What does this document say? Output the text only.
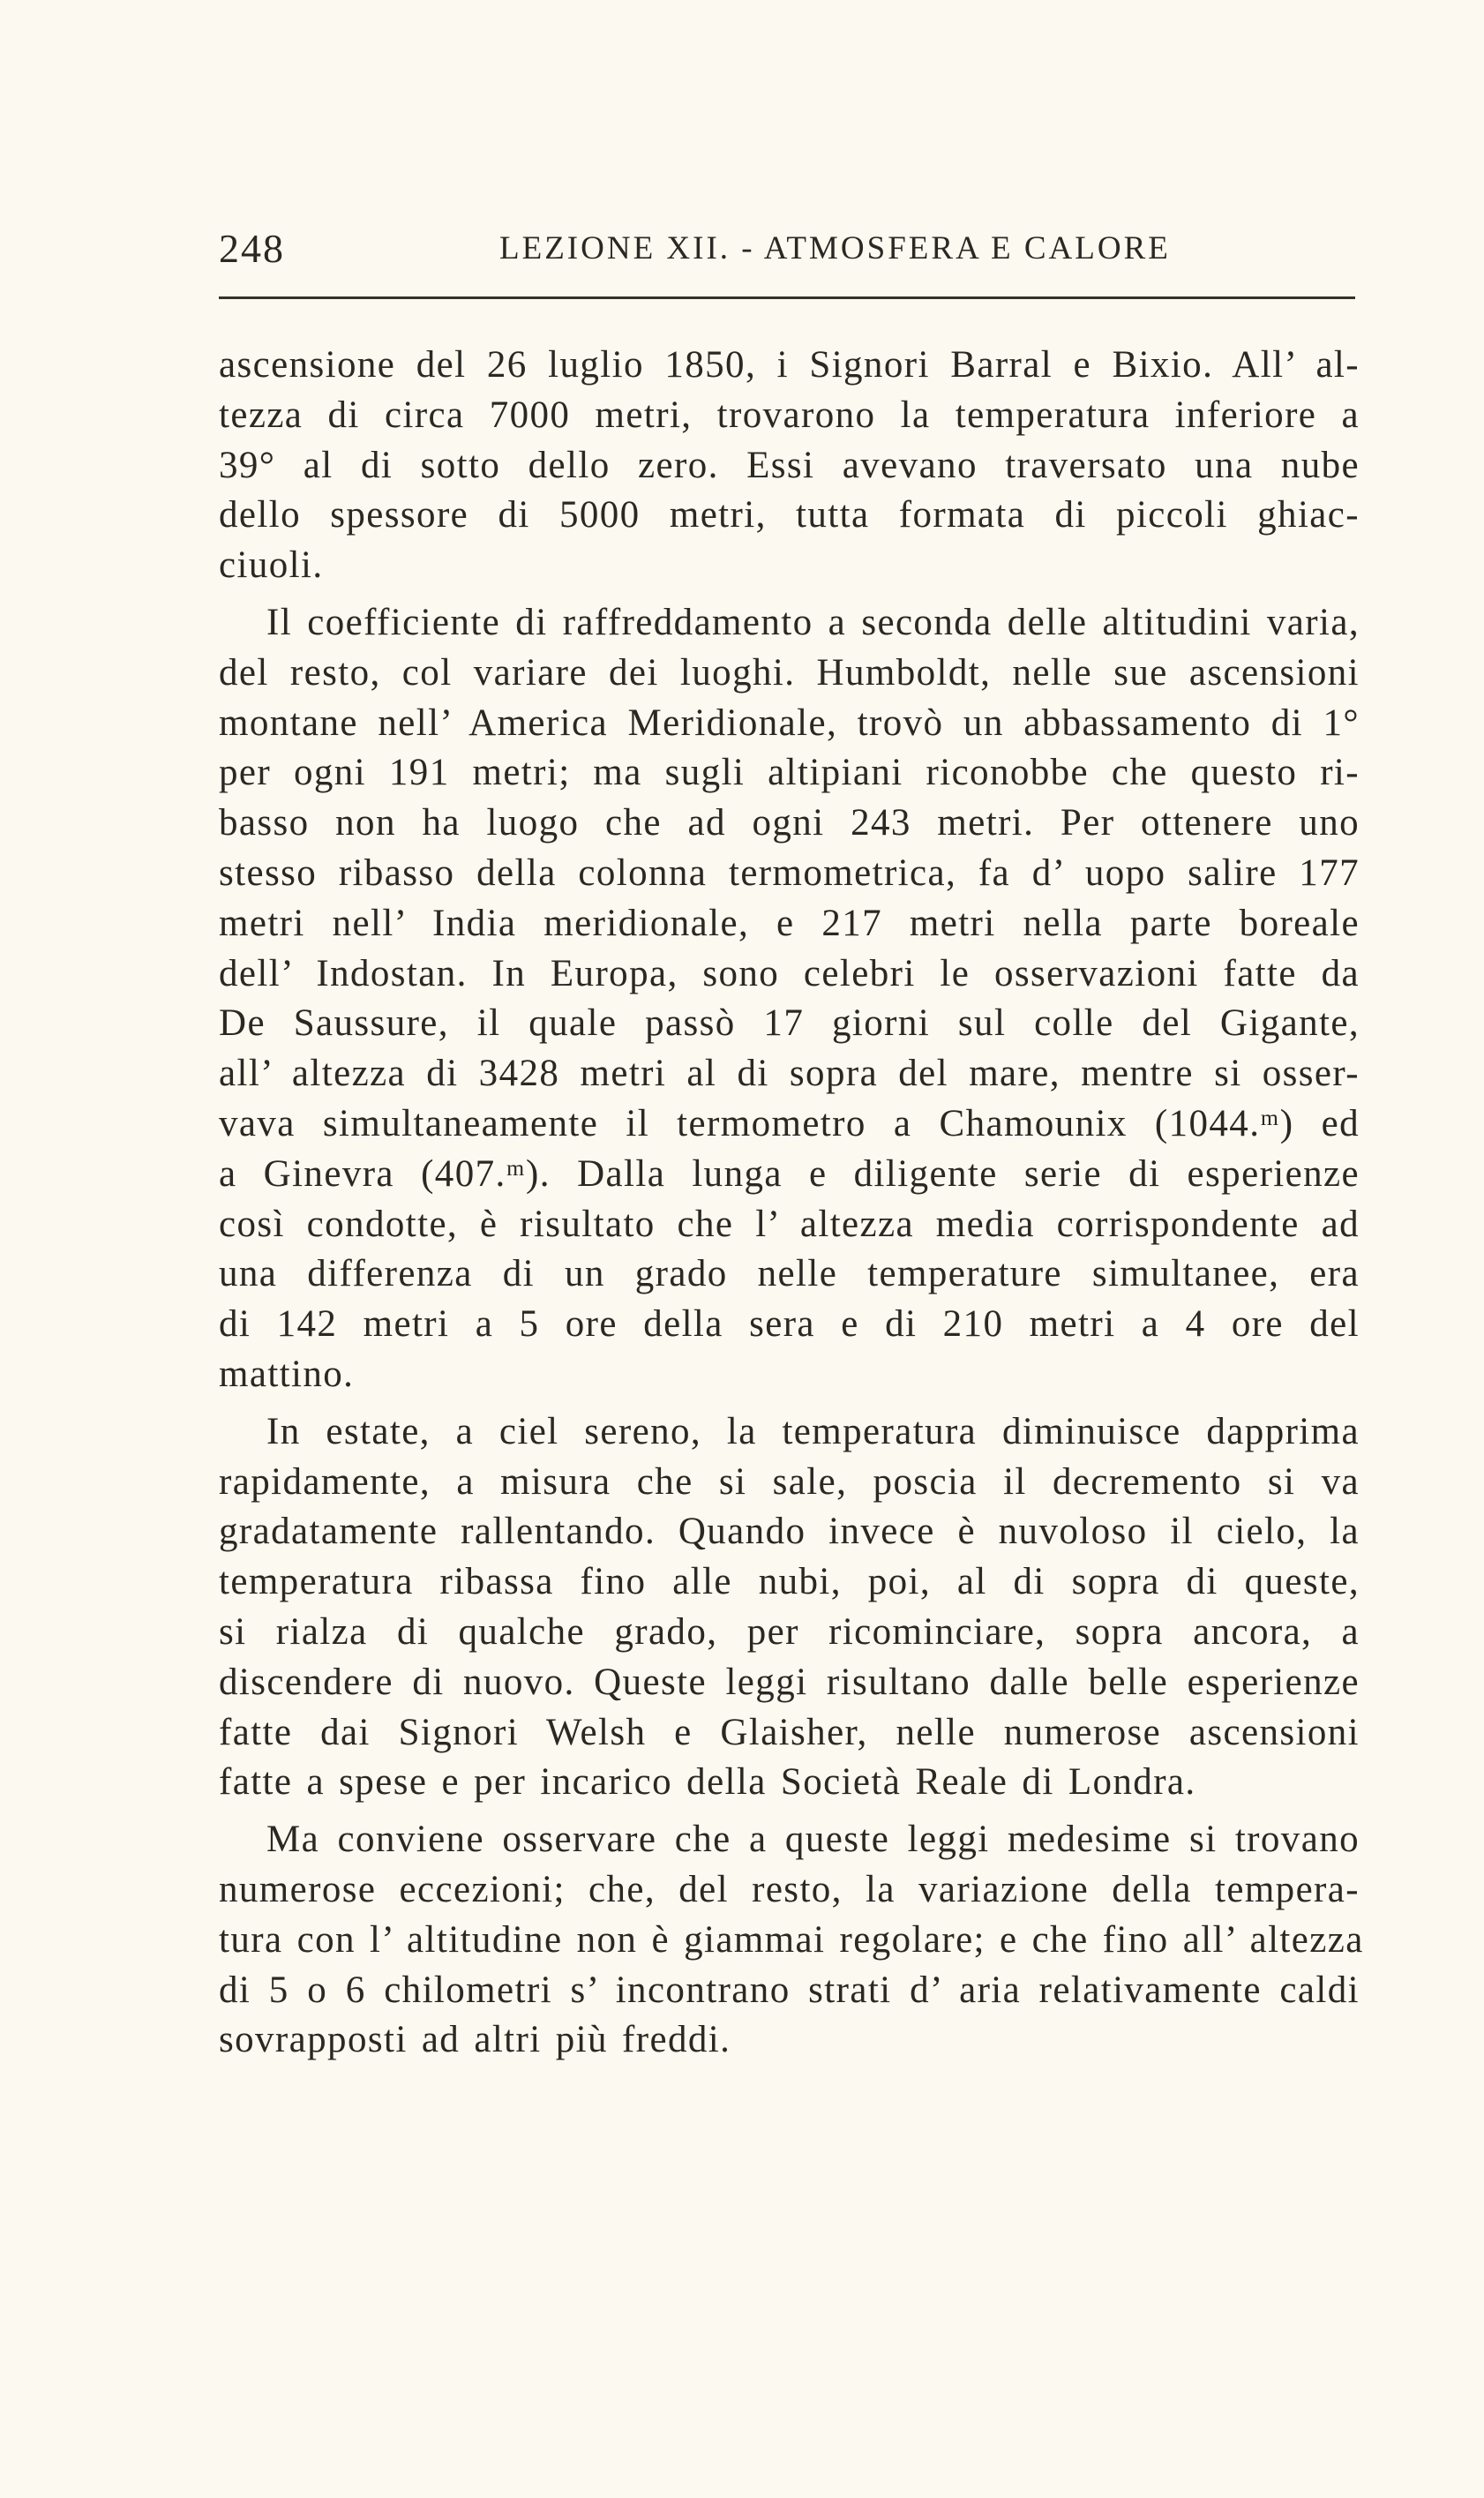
248	LEZIONE XII. - ATMOSFERA E CALORE
ascensione del 26 luglio 1850, i Signori Barral e Bixio. All’ al-
tezza di circa 7000 metri, trovarono la temperatura inferiore a
39° al di sotto dello zero. Essi avevano traversato una nube
dello spessore di 5000 metri, tutta formata di piccoli ghiac-
ciuoli.
Il coefficiente di raffreddamento a seconda delle altitudini varia,
del resto, col variare dei luoghi. Humboldt, nelle sue ascensioni
montane nell’ America Meridionale, trovò un abbassamento di 1°
per ogni 191 metri; ma sugli altipiani riconobbe che questo ri-
basso non ha luogo che ad ogni 243 metri. Per ottenere uno
stesso ribasso della colonna termometrica, fa d’ uopo salire 177
metri nell’ India meridionale, e 217 metri nella parte boreale
dell’ Indostan. In Europa, sono celebri le osservazioni fatte da
De Saussure, il quale passò 17 giorni sul colle del Gigante,
all’ altezza di 3428 metri al di sopra del mare, mentre si osser-
vava simultaneamente il termometro a Chamounix (1044.ᵐ) ed
a Ginevra (407.ᵐ). Dalla lunga e diligente serie di esperienze
così condotte, è risultato che l’ altezza media corrispondente ad
una differenza di un grado nelle temperature simultanee, era
di 142 metri a 5 ore della sera e di 210 metri a 4 ore del
mattino.
In estate, a ciel sereno, la temperatura diminuisce dapprima
rapidamente, a misura che si sale, poscia il decremento si va
gradatamente rallentando. Quando invece è nuvoloso il cielo, la
temperatura ribassa fino alle nubi, poi, al di sopra di queste,
si rialza di qualche grado, per ricominciare, sopra ancora, a
discendere di nuovo. Queste leggi risultano dalle belle esperienze
fatte dai Signori Welsh e Glaisher, nelle numerose ascensioni
fatte a spese e per incarico della Società Reale di Londra.
Ma conviene osservare che a queste leggi medesime si trovano
numerose eccezioni; che, del resto, la variazione della tempera-
tura con l’ altitudine non è giammai regolare; e che fino all’ altezza
di 5 o 6 chilometri s’ incontrano strati d’ aria relativamente caldi
sovrapposti ad altri più freddi.
